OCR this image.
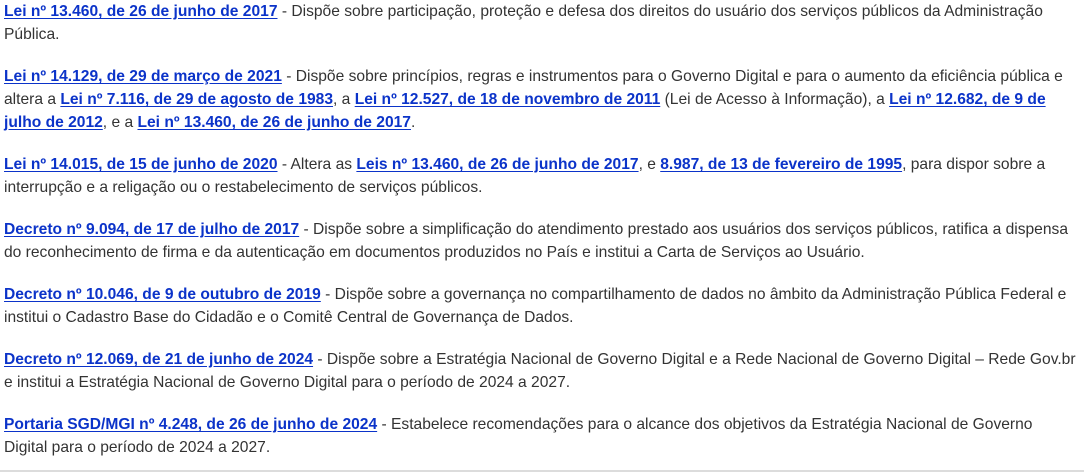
Lei nº 13.460, de 26 de junho de 2017 - Dispõe sobre participação, proteção e defesa dos direitos do usuário dos serviços públicos da Administração Pública.

Lei nº 14.129, de 29 de março de 2021 - Dispõe sobre princípios, regras e instrumentos para o Governo Digital e para o aumento da eficiência pública e altera a Lei nº 7.116, de 29 de agosto de 1983, a Lei nº 12.527, de 18 de novembro de 2011 (Lei de Acesso à Informação), a Lei nº 12.682, de 9 de julho de 2012, e a Lei nº 13.460, de 26 de junho de 2017.

Lei nº 14.015, de 15 de junho de 2020 - Altera as Leis nº 13.460, de 26 de junho de 2017, e 8.987, de 13 de fevereiro de 1995, para dispor sobre a interrupção e a religação ou o restabelecimento de serviços públicos.

Decreto nº 9.094, de 17 de julho de 2017 - Dispõe sobre a simplificação do atendimento prestado aos usuários dos serviços públicos, ratifica a dispensa do reconhecimento de firma e da autenticação em documentos produzidos no País e institui a Carta de Serviços ao Usuário.

Decreto nº 10.046, de 9 de outubro de 2019 - Dispõe sobre a governança no compartilhamento de dados no âmbito da Administração Pública Federal e institui o Cadastro Base do Cidadão e o Comitê Central de Governança de Dados.

Decreto nº 12.069, de 21 de junho de 2024 - Dispõe sobre a Estratégia Nacional de Governo Digital e a Rede Nacional de Governo Digital – Rede Gov.br e institui a Estratégia Nacional de Governo Digital para o período de 2024 a 2027.

Portaria SGD/MGI nº 4.248, de 26 de junho de 2024 - Estabelece recomendações para o alcance dos objetivos da Estratégia Nacional de Governo Digital para o período de 2024 a 2027.
